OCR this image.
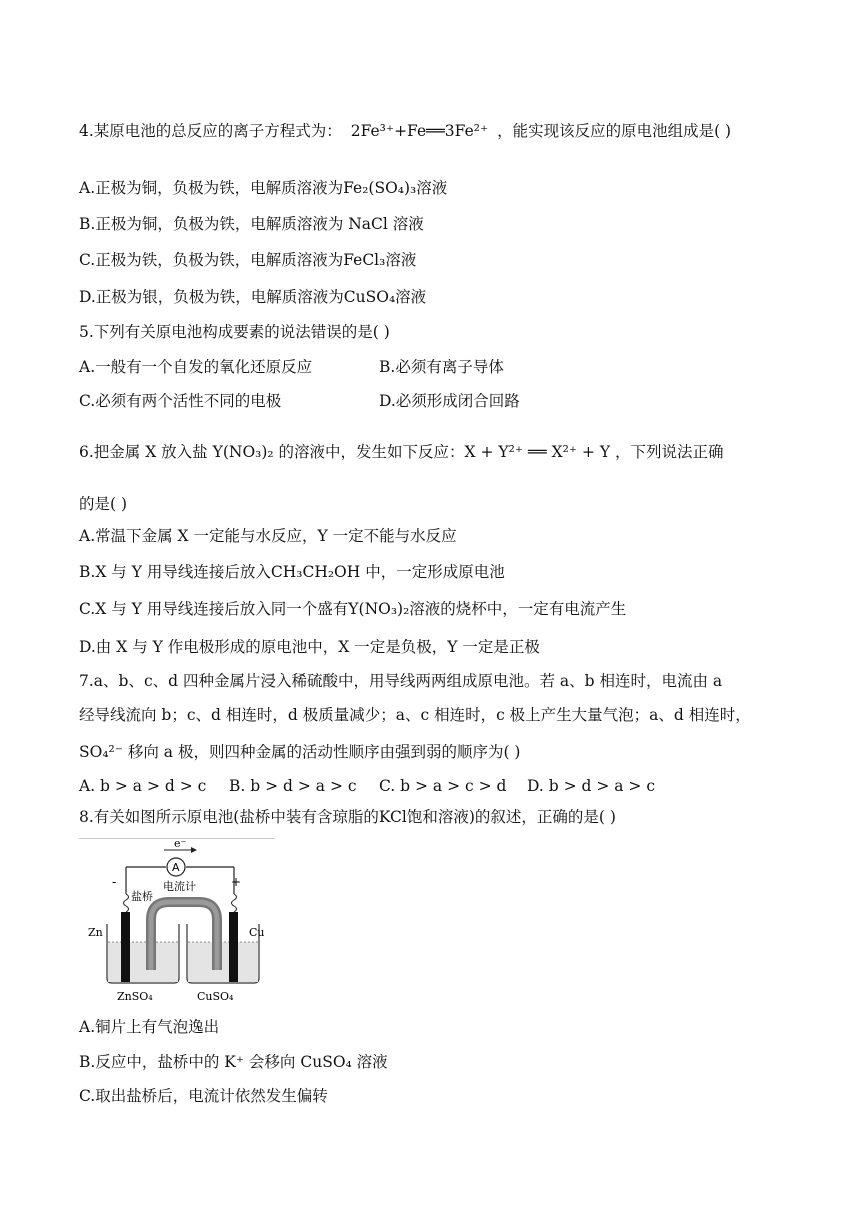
4.某原电池的总反应的离子方程式为： 2Fe³⁺+Fe══3Fe²⁺ ，能实现该反应的原电池组成是( )
A.正极为铜，负极为铁，电解质溶液为Fe₂(SO₄)₃溶液
B.正极为铜，负极为铁，电解质溶液为 NaCl 溶液
C.正极为铁，负极为铁，电解质溶液为FeCl₃溶液
D.正极为银，负极为铁，电解质溶液为CuSO₄溶液
5.下列有关原电池构成要素的说法错误的是( )
A.一般有一个自发的氧化还原反应	B.必须有离子导体
C.必须有两个活性不同的电极	D.必须形成闭合回路
6.把金属 X 放入盐 Y(NO₃)₂ 的溶液中，发生如下反应：X + Y²⁺ ══ X²⁺ + Y ，下列说法正确
的是( )
A.常温下金属 X 一定能与水反应，Y 一定不能与水反应
B.X 与 Y 用导线连接后放入CH₃CH₂OH 中，一定形成原电池
C.X 与 Y 用导线连接后放入同一个盛有Y(NO₃)₂溶液的烧杯中，一定有电流产生
D.由 X 与 Y 作电极形成的原电池中，X 一定是负极，Y 一定是正极
7.a、b、c、d 四种金属片浸入稀硫酸中，用导线两两组成原电池。若 a、b 相连时，电流由 a
经导线流向 b；c、d 相连时，d 极质量减少；a、c 相连时，c 极上产生大量气泡；a、d 相连时，
SO₄²⁻ 移向 a 极，则四种金属的活动性顺序由强到弱的顺序为( )
A. b > a > d > c B. b > d > a > c C. b > a > c > d D. b > d > a > c
8.有关如图所示原电池(盐桥中装有含琼脂的KCl饱和溶液)的叙述，正确的是( )
e⁻
A
电流计
-	+
盐桥
Zn	Cu
ZnSO₄	CuSO₄
A.铜片上有气泡逸出
B.反应中，盐桥中的 K⁺ 会移向 CuSO₄ 溶液
C.取出盐桥后，电流计依然发生偏转
